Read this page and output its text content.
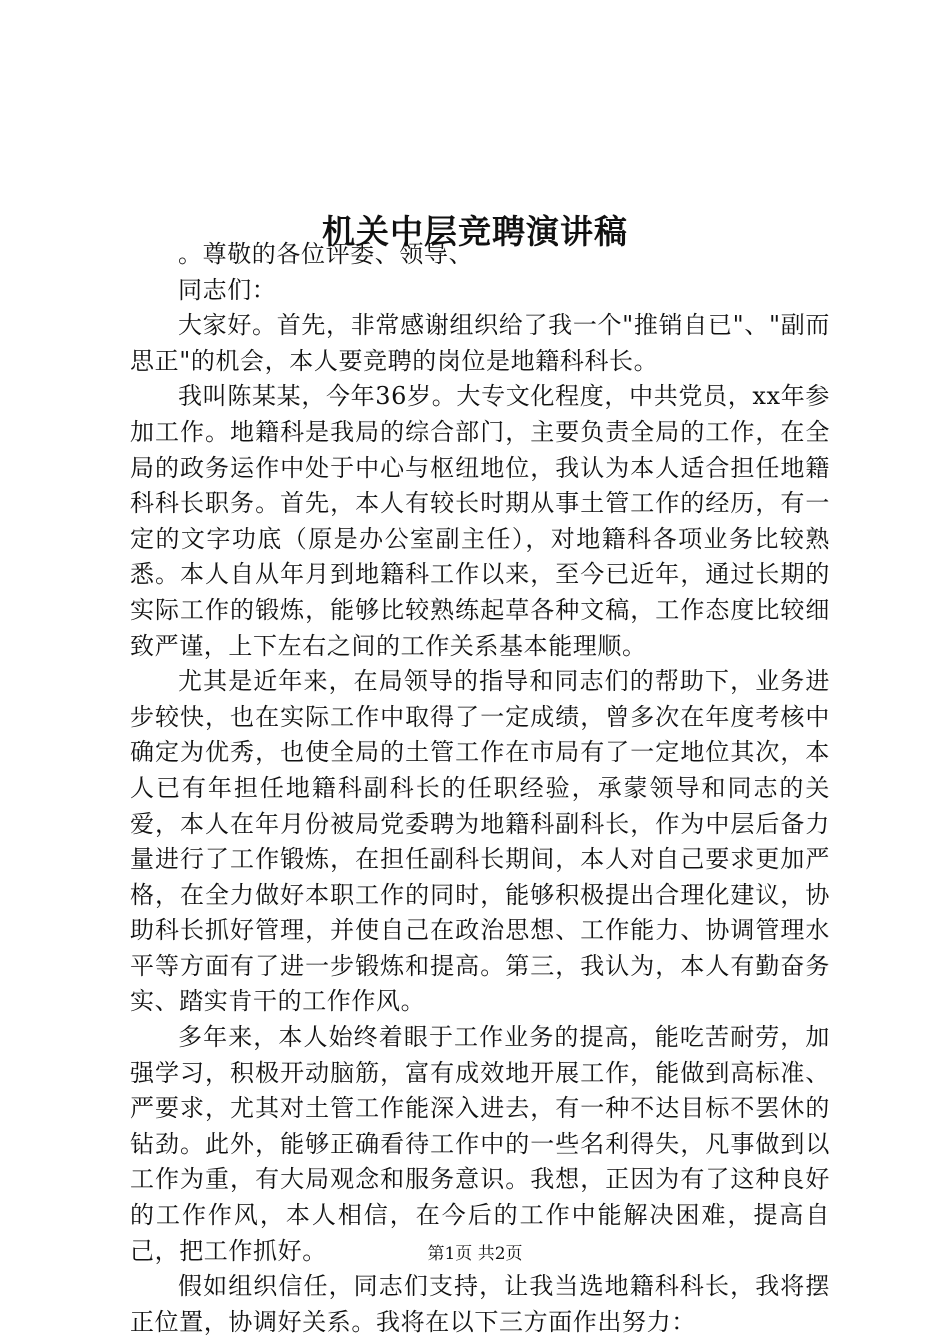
机关中层竞聘演讲稿

。尊敬的各位评委、领导、

同志们：

大家好。首先，非常感谢组织给了我一个"推销自已"、"副而思正"的机会，本人要竞聘的岗位是地籍科科长。

我叫陈某某，今年36岁。大专文化程度，中共党员，xx年参加工作。地籍科是我局的综合部门，主要负责全局的工作，在全局的政务运作中处于中心与枢纽地位，我认为本人适合担任地籍科科长职务。首先，本人有较长时期从事土管工作的经历，有一定的文字功底（原是办公室副主任），对地籍科各项业务比较熟悉。本人自从年月到地籍科工作以来，至今已近年，通过长期的实际工作的锻炼，能够比较熟练起草各种文稿，工作态度比较细致严谨，上下左右之间的工作关系基本能理顺。

尤其是近年来，在局领导的指导和同志们的帮助下，业务进步较快，也在实际工作中取得了一定成绩，曾多次在年度考核中确定为优秀，也使全局的土管工作在市局有了一定地位其次，本人已有年担任地籍科副科长的任职经验，承蒙领导和同志的关爱，本人在年月份被局党委聘为地籍科副科长，作为中层后备力量进行了工作锻炼，在担任副科长期间，本人对自己要求更加严格，在全力做好本职工作的同时，能够积极提出合理化建议，协助科长抓好管理，并使自己在政治思想、工作能力、协调管理水平等方面有了进一步锻炼和提高。第三，我认为，本人有勤奋务实、踏实肯干的工作作风。

多年来，本人始终着眼于工作业务的提高，能吃苦耐劳，加强学习，积极开动脑筋，富有成效地开展工作，能做到高标准、严要求，尤其对土管工作能深入进去，有一种不达目标不罢休的钻劲。此外，能够正确看待工作中的一些名利得失，凡事做到以工作为重，有大局观念和服务意识。我想，正因为有了这种良好的工作作风，本人相信，在今后的工作中能解决困难，提高自己，把工作抓好。

假如组织信任，同志们支持，让我当选地籍科科长，我将摆正位置，协调好关系。我将在以下三方面作出努力：

第1页 共2页
